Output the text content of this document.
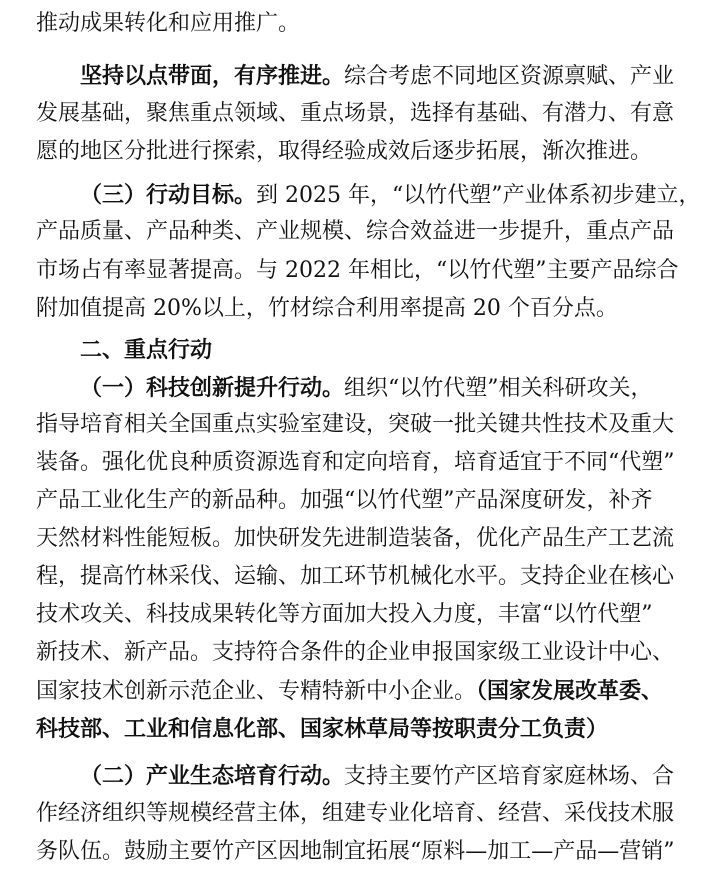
推动成果转化和应用推广。
坚持以点带面，有序推进。综合考虑不同地区资源禀赋、产业
发展基础，聚焦重点领域、重点场景，选择有基础、有潜力、有意
愿的地区分批进行探索，取得经验成效后逐步拓展，渐次推进。
（三）行动目标。到 2025 年，“以竹代塑”产业体系初步建立，
产品质量、产品种类、产业规模、综合效益进一步提升，重点产品
市场占有率显著提高。与 2022 年相比，“以竹代塑”主要产品综合
附加值提高 20%以上，竹材综合利用率提高 20 个百分点。
二、重点行动
（一）科技创新提升行动。组织“以竹代塑”相关科研攻关，
指导培育相关全国重点实验室建设，突破一批关键共性技术及重大
装备。强化优良种质资源选育和定向培育，培育适宜于不同“代塑”
产品工业化生产的新品种。加强“以竹代塑”产品深度研发，补齐
天然材料性能短板。加快研发先进制造装备，优化产品生产工艺流
程，提高竹林采伐、运输、加工环节机械化水平。支持企业在核心
技术攻关、科技成果转化等方面加大投入力度，丰富“以竹代塑”
新技术、新产品。支持符合条件的企业申报国家级工业设计中心、
国家技术创新示范企业、专精特新中小企业。（国家发展改革委、
科技部、工业和信息化部、国家林草局等按职责分工负责）
（二）产业生态培育行动。支持主要竹产区培育家庭林场、合
作经济组织等规模经营主体，组建专业化培育、经营、采伐技术服
务队伍。鼓励主要竹产区因地制宜拓展“原料—加工—产品—营销”
